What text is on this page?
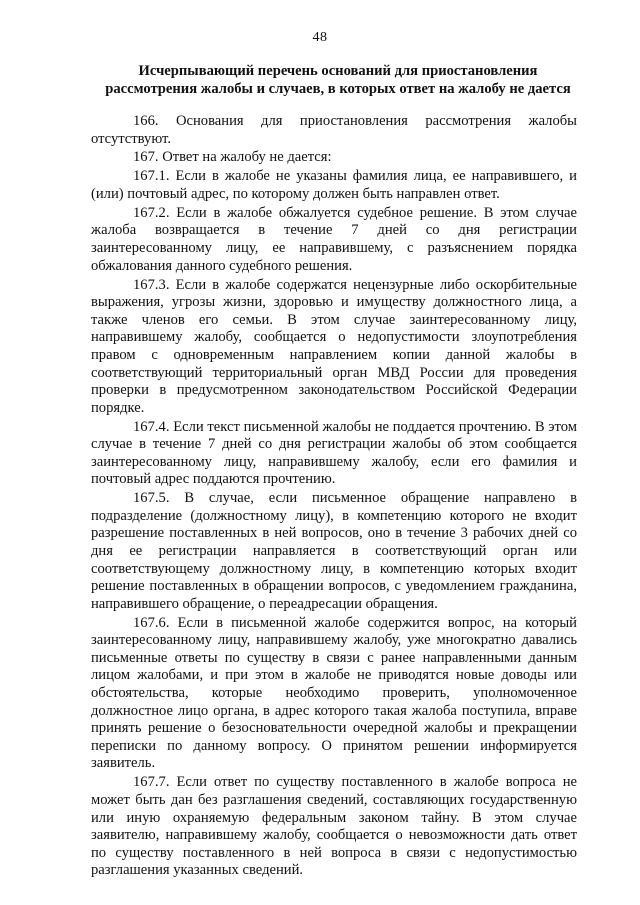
48
Исчерпывающий перечень оснований для приостановления
рассмотрения жалобы и случаев, в которых ответ на жалобу не дается

166. Основания для приостановления рассмотрения жалобы отсутствуют.

167. Ответ на жалобу не дается:

167.1. Если в жалобе не указаны фамилия лица, ее направившего, и (или) почтовый адрес, по которому должен быть направлен ответ.

167.2. Если в жалобе обжалуется судебное решение. В этом случае жалоба возвращается в течение 7 дней со дня регистрации заинтересованному лицу, ее направившему, с разъяснением порядка обжалования данного судебного решения.

167.3. Если в жалобе содержатся нецензурные либо оскорбительные выражения, угрозы жизни, здоровью и имуществу должностного лица, а также членов его семьи. В этом случае заинтересованному лицу, направившему жалобу, сообщается о недопустимости злоупотребления правом с одновременным направлением копии данной жалобы в соответствующий территориальный орган МВД России для проведения проверки в предусмотренном законодательством Российской Федерации порядке.

167.4. Если текст письменной жалобы не поддается прочтению. В этом случае в течение 7 дней со дня регистрации жалобы об этом сообщается заинтересованному лицу, направившему жалобу, если его фамилия и почтовый адрес поддаются прочтению.

167.5. В случае, если письменное обращение направлено в подразделение (должностному лицу), в компетенцию которого не входит разрешение поставленных в ней вопросов, оно в течение 3 рабочих дней со дня ее регистрации направляется в соответствующий орган или соответствующему должностному лицу, в компетенцию которых входит решение поставленных в обращении вопросов, с уведомлением гражданина, направившего обращение, о переадресации обращения.

167.6. Если в письменной жалобе содержится вопрос, на который заинтересованному лицу, направившему жалобу, уже многократно давались письменные ответы по существу в связи с ранее направленными данным лицом жалобами, и при этом в жалобе не приводятся новые доводы или обстоятельства, которые необходимо проверить, уполномоченное должностное лицо органа, в адрес которого такая жалоба поступила, вправе принять решение о безосновательности очередной жалобы и прекращении переписки по данному вопросу. О принятом решении информируется заявитель.

167.7. Если ответ по существу поставленного в жалобе вопроса не может быть дан без разглашения сведений, составляющих государственную или иную охраняемую федеральным законом тайну. В этом случае заявителю, направившему жалобу, сообщается о невозможности дать ответ по существу поставленного в ней вопроса в связи с недопустимостью разглашения указанных сведений.
